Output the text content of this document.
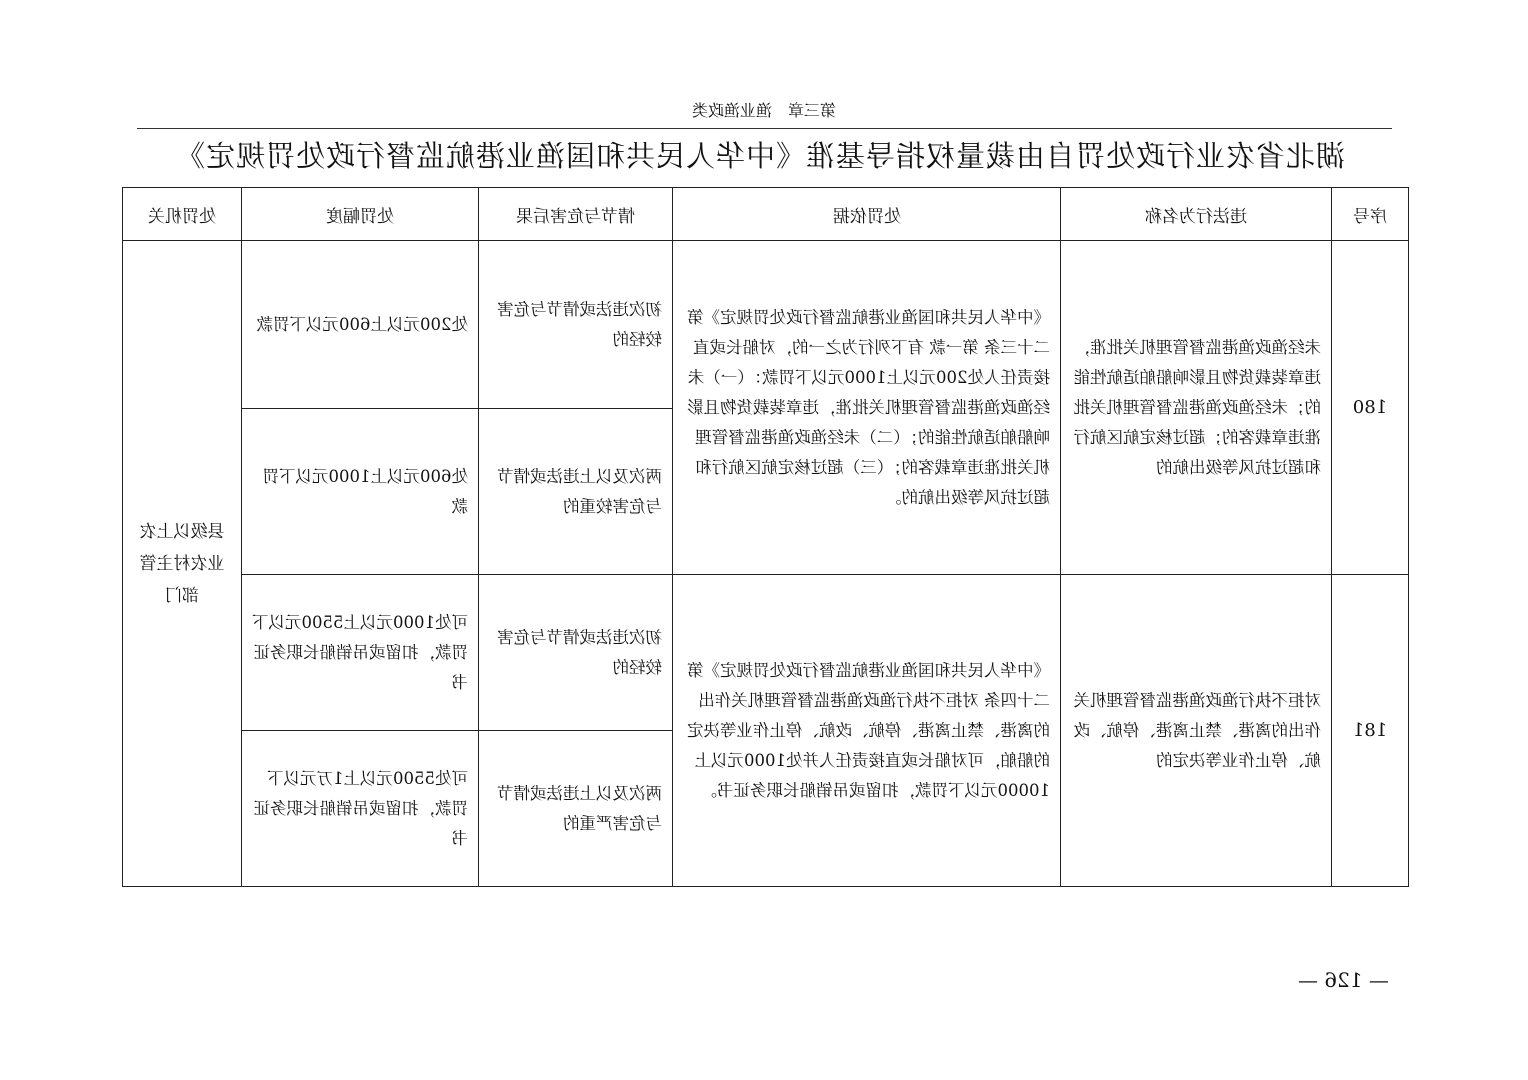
第三章　渔业渔政类
湖北省农业行政处罚自由裁量权指导基准《中华人民共和国渔业港航监督行政处罚规定》
处罚机关	处罚幅度	情节与危害后果	处罚依据	违法行为名称	序号

县级以上农业农村主管部门	处200元以上600元以下罚款	初次违法或情节与危害较轻的	《中华人民共和国渔业港航监督行政处罚规定》第二十三条 第一款 有下列行为之一的，对船长或直接责任人处200元以上1000元以下罚款：（一）未经渔政渔港监督管理机关批准，违章装载货物且影响船舶适航性能的；（二）未经渔政渔港监督管理机关批准违章载客的；（三）超过核定航区航行和超过抗风等级出航的。	未经渔政渔港监督管理机关批准，违章装载货物且影响船舶适航性能的；未经渔政渔港监督管理机关批准违章载客的；超过核定航区航行和超过抗风等级出航的	180

	处600元以上1000元以下罚款	两次及以上违法或情节与危害较重的			

	可处1000元以上5500元以下罚款，扣留或吊销船长职务证书	初次违法或情节与危害较轻的	《中华人民共和国渔业港航监督行政处罚规定》第二十四条 对拒不执行渔政渔港监督管理机关作出的离港、禁止离港、停航、改航、停止作业等决定的船舶，可对船长或直接责任人并处1000元以上10000元以下罚款，扣留或吊销船长职务证书。	对拒不执行渔政渔港监督管理机关作出的离港、禁止离港、停航、改航、停止作业等决定的	181

	可处5500元以上1万元以下罚款，扣留或吊销船长职务证书	两次及以上违法或情节与危害严重的			
— 126 —
